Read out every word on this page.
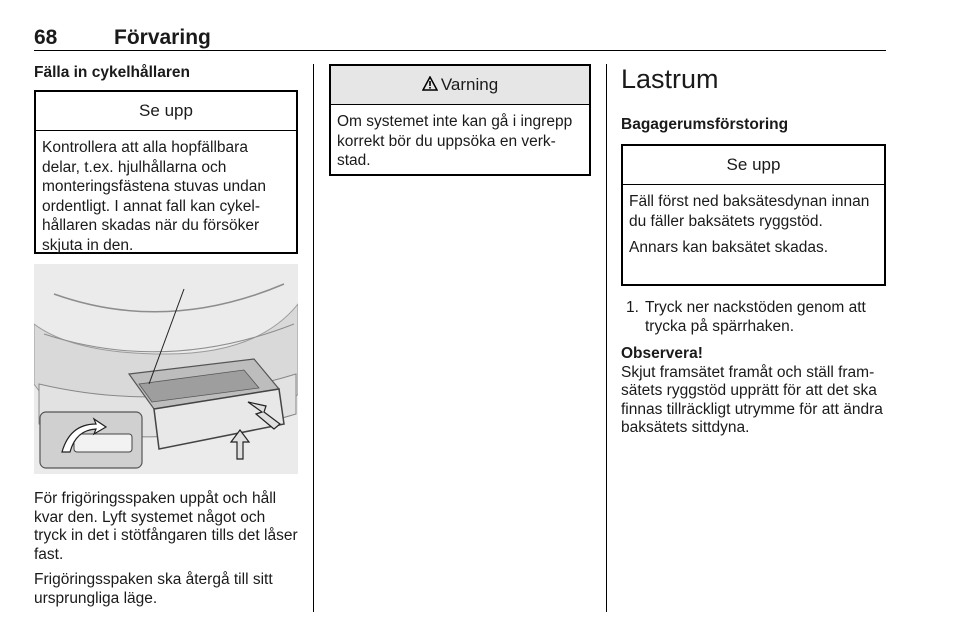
68	Förvaring
Fälla in cykelhållaren
Se upp

Kontrollera att alla hopfällbara delar, t.ex. hjulhållarna och monteringsfästena stuvas undan ordentligt. I annat fall kan cykelhållaren skadas när du försöker skjuta in den.

För frigöringsspaken uppåt och håll kvar den. Lyft systemet något och tryck in det i stötfångaren tills det låser fast.

Frigöringsspaken ska återgå till sitt ursprungliga läge.

Varning

Om systemet inte kan gå i ingrepp korrekt bör du uppsöka en verkstad.

Lastrum
Bagagerumsförstoring
Se upp

Fäll först ned baksätesdynan innan du fäller baksätets ryggstöd.

Annars kan baksätet skadas.

1. Tryck ner nackstöden genom att trycka på spärrhaken.

Observera!

Skjut framsätet framåt och ställ framsätets ryggstöd upprätt för att det ska finnas tillräckligt utrymme för att ändra baksätets sittdyna.
